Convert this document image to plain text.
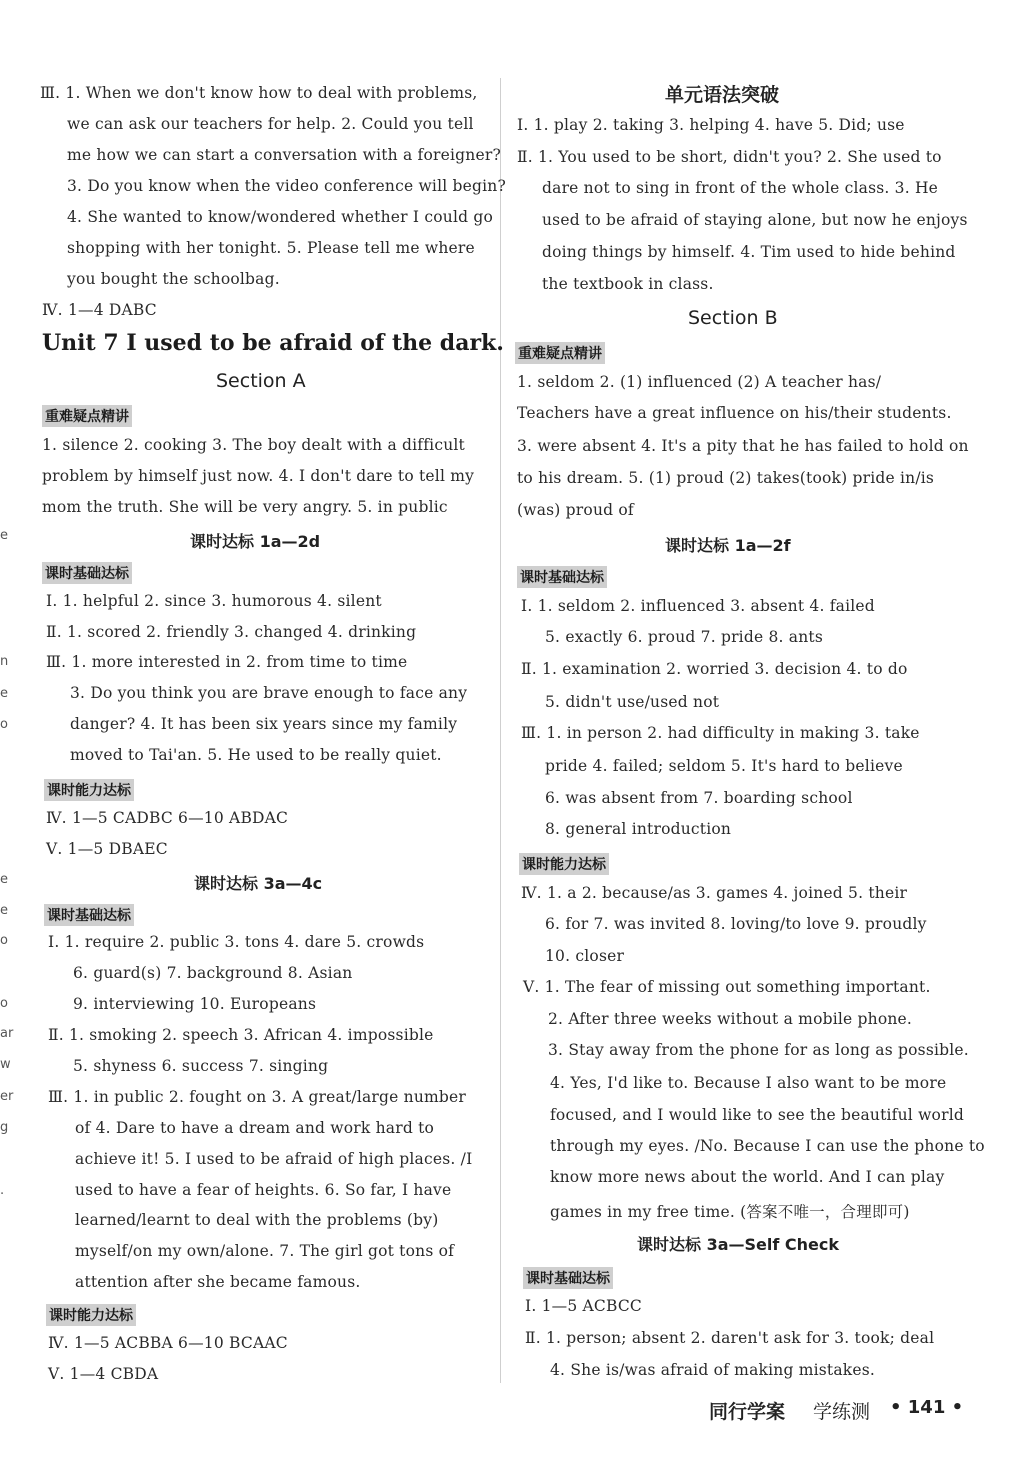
e
n
e
o
e
e
o
o
ar
w
er
g
.
Ⅲ. 1. When we don't know how to deal with problems,
we can ask our teachers for help. 2. Could you tell
me how we can start a conversation with a foreigner?
3. Do you know when the video conference will begin?
4. She wanted to know/wondered whether I could go
shopping with her tonight. 5. Please tell me where
you bought the schoolbag.
Ⅳ. 1—4 DABC
Unit 7 I used to be afraid of the dark.
Section A
重难疑点精讲
1. silence 2. cooking 3. The boy dealt with a difficult
problem by himself just now. 4. I don't dare to tell my
mom the truth. She will be very angry. 5. in public
课时达标 1a—2d
课时基础达标
Ⅰ. 1. helpful 2. since 3. humorous 4. silent
Ⅱ. 1. scored 2. friendly 3. changed 4. drinking
Ⅲ. 1. more interested in 2. from time to time
3. Do you think you are brave enough to face any
danger? 4. It has been six years since my family
moved to Tai'an. 5. He used to be really quiet.
课时能力达标
Ⅳ. 1—5 CADBC 6—10 ABDAC
Ⅴ. 1—5 DBAEC
课时达标 3a—4c
课时基础达标
Ⅰ. 1. require 2. public 3. tons 4. dare 5. crowds
6. guard(s) 7. background 8. Asian
9. interviewing 10. Europeans
Ⅱ. 1. smoking 2. speech 3. African 4. impossible
5. shyness 6. success 7. singing
Ⅲ. 1. in public 2. fought on 3. A great/large number
of 4. Dare to have a dream and work hard to
achieve it! 5. I used to be afraid of high places. /I
used to have a fear of heights. 6. So far, I have
learned/learnt to deal with the problems (by)
myself/on my own/alone. 7. The girl got tons of
attention after she became famous.
课时能力达标
Ⅳ. 1—5 ACBBA 6—10 BCAAC
Ⅴ. 1—4 CBDA
单元语法突破
Ⅰ. 1. play 2. taking 3. helping 4. have 5. Did; use
Ⅱ. 1. You used to be short, didn't you? 2. She used to
dare not to sing in front of the whole class. 3. He
used to be afraid of staying alone, but now he enjoys
doing things by himself. 4. Tim used to hide behind
the textbook in class.
Section B
重难疑点精讲
1. seldom 2. (1) influenced (2) A teacher has/
Teachers have a great influence on his/their students.
3. were absent 4. It's a pity that he has failed to hold on
to his dream. 5. (1) proud (2) takes(took) pride in/is
(was) proud of
课时达标 1a—2f
课时基础达标
Ⅰ. 1. seldom 2. influenced 3. absent 4. failed
5. exactly 6. proud 7. pride 8. ants
Ⅱ. 1. examination 2. worried 3. decision 4. to do
5. didn't use/used not
Ⅲ. 1. in person 2. had difficulty in making 3. take
pride 4. failed; seldom 5. It's hard to believe
6. was absent from 7. boarding school
8. general introduction
课时能力达标
Ⅳ. 1. a 2. because/as 3. games 4. joined 5. their
6. for 7. was invited 8. loving/to love 9. proudly
10. closer
Ⅴ. 1. The fear of missing out something important.
2. After three weeks without a mobile phone.
3. Stay away from the phone for as long as possible.
4. Yes, I'd like to. Because I also want to be more
focused, and I would like to see the beautiful world
through my eyes. /No. Because I can use the phone to
know more news about the world. And I can play
games in my free time. (答案不唯一，合理即可)
课时达标 3a—Self Check
课时基础达标
Ⅰ. 1—5 ACBCC
Ⅱ. 1. person; absent 2. daren't ask for 3. took; deal
4. She is/was afraid of making mistakes.
同行学案 学练测 • 141 •
